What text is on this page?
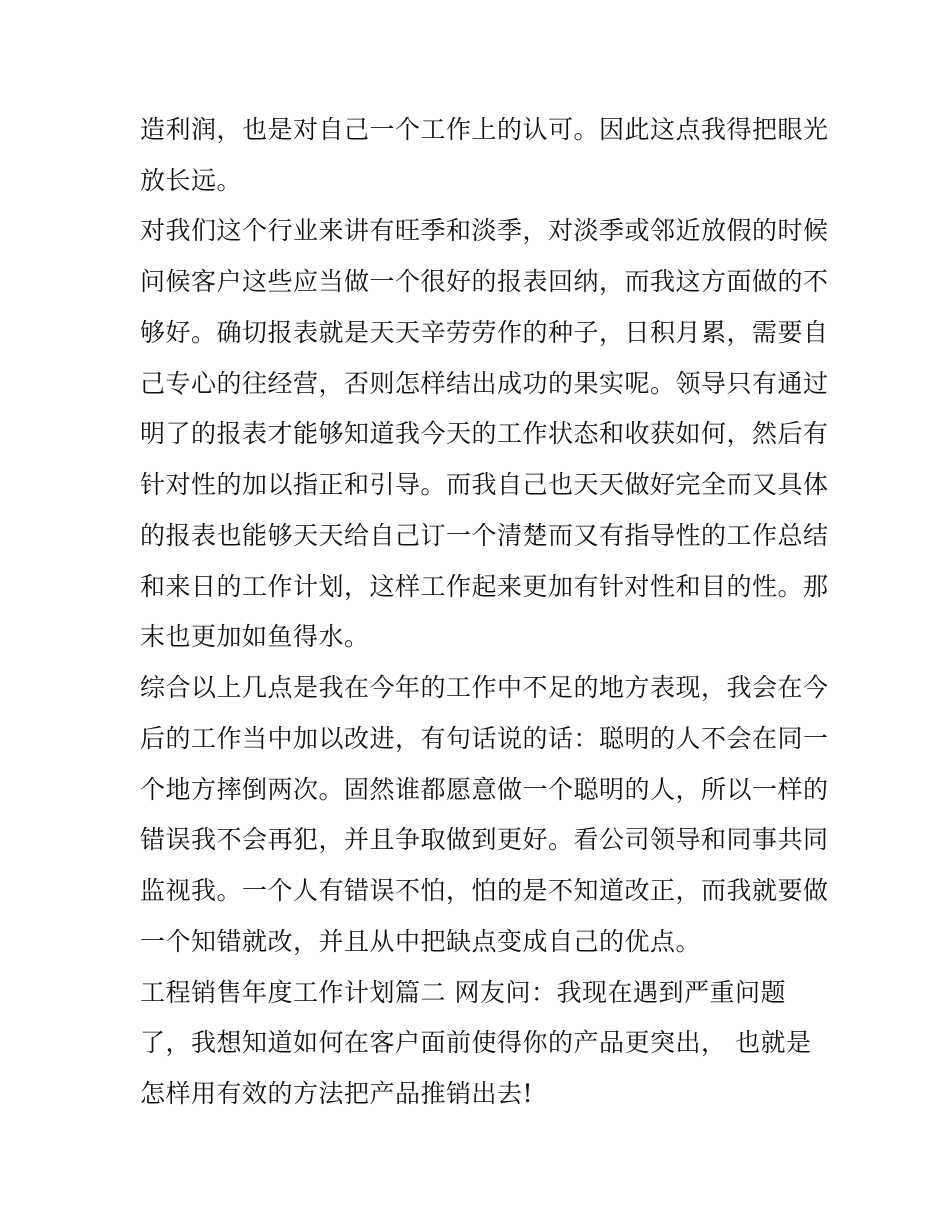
造利润，也是对自己一个工作上的认可。因此这点我得把眼光
放长远。
对我们这个行业来讲有旺季和淡季，对淡季或邻近放假的时候
问候客户这些应当做一个很好的报表回纳，而我这方面做的不
够好。确切报表就是天天辛劳劳作的种子，日积月累，需要自
己专心的往经营，否则怎样结出成功的果实呢。领导只有通过
明了的报表才能够知道我今天的工作状态和收获如何，然后有
针对性的加以指正和引导。而我自己也天天做好完全而又具体
的报表也能够天天给自己订一个清楚而又有指导性的工作总结
和来日的工作计划，这样工作起来更加有针对性和目的性。那
末也更加如鱼得水。
综合以上几点是我在今年的工作中不足的地方表现，我会在今
后的工作当中加以改进，有句话说的话：聪明的人不会在同一
个地方摔倒两次。固然谁都愿意做一个聪明的人，所以一样的
错误我不会再犯，并且争取做到更好。看公司领导和同事共同
监视我。一个人有错误不怕，怕的是不知道改正，而我就要做
一个知错就改，并且从中把缺点变成自己的优点。
工程销售年度工作计划篇二 网友问：我现在遇到严重问题
了，我想知道如何在客户面前使得你的产品更突出， 也就是
怎样用有效的方法把产品推销出去!
